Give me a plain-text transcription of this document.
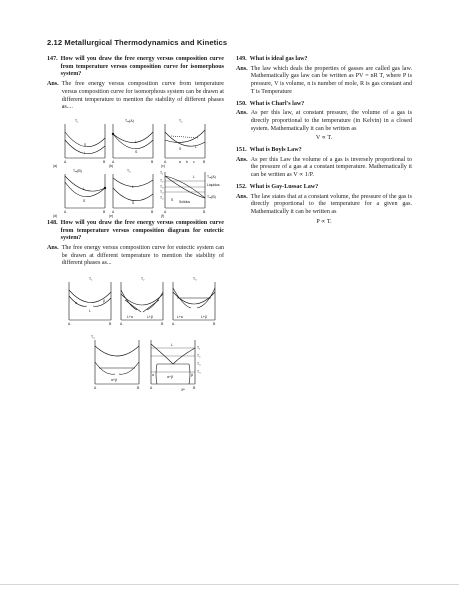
2.12 Metallurgical Thermodynamics and Kinetics
147. How will you draw the free energy versus composition curve from temperature versus composition curve for isomorphous system?
Ans. The free energy versus composition curve from temperature versus composition curve for isomorphous system can be drawn at different temperature to mention the stability of different phases as....
T₁
S
L
A	B
(a)
Tₘ(A)
S
L
A	B
(b)
T₂
S	L
A	a b c B
(c)
Tₘ(B)
L
S
A	B
(d)
T₃
L
S
A	B
(e)
T₁
T₂
T₃
T₄
T₅
Tₘ(A)
Liquidus
Tₘ(B)
Solidus
L
S
A	B
(f)
148. How will you draw the free energy versus composition curve from temperature versus composition diagram for eutectic system?
Ans. The free energy versus composition curve for eutectic system can be drawn at different temperature to mention the stability of different phases as...
T₁
α
L
β
A	B
T₂
L+α	L+β
A	B
T₃
L+α	L+β
A	B
T₄
α+β
A	B
L
α	β
α+β
T₁
T₂
T₃
T₄
A	Xᴮ B
149. What is ideal gas law?
Ans. The law which deals the properties of gasses are called gas law. Mathematically gas law can be written as PV = nR T, where P is pressure, V is volume, n is number of mole, R is gas constant and T is Temperature
150. What is Charl's law?
Ans. As per this law, at constant pressure, the volume of a gas is directly proportional to the temperature (in Kelvin) in a closed system. Mathematically it can be written as
V ∝ T.
151. What is Boyls Law?
Ans. As per this Law the volume of a gas is inversely proportional to the pressure of a gas at a constant temperature. Mathematically it can be written as V ∝ 1/P.
152. What is Gay-Lussac Law?
Ans. The law states that at a constant volume, the pressure of the gas is directly proportional to the temperature for a given gas. Mathematically it can be written as
P ∝ T.
